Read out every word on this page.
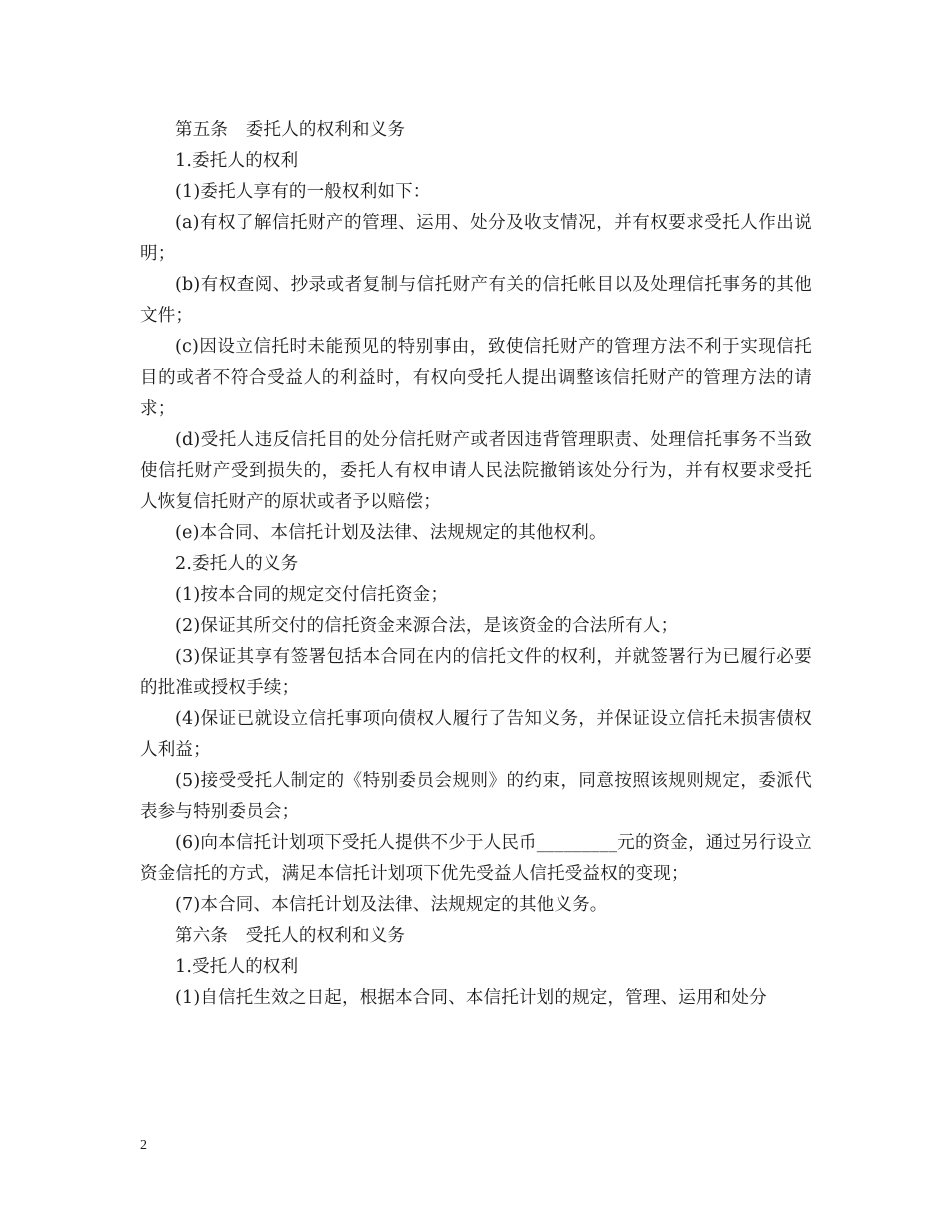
第五条　委托人的权利和义务

1.委托人的权利

(1)委托人享有的一般权利如下：

(a)有权了解信托财产的管理、运用、处分及收支情况，并有权要求受托人作出说明；

(b)有权查阅、抄录或者复制与信托财产有关的信托帐目以及处理信托事务的其他文件；

(c)因设立信托时未能预见的特别事由，致使信托财产的管理方法不利于实现信托目的或者不符合受益人的利益时，有权向受托人提出调整该信托财产的管理方法的请求；

(d)受托人违反信托目的处分信托财产或者因违背管理职责、处理信托事务不当致使信托财产受到损失的，委托人有权申请人民法院撤销该处分行为，并有权要求受托人恢复信托财产的原状或者予以赔偿；

(e)本合同、本信托计划及法律、法规规定的其他权利。

2.委托人的义务

(1)按本合同的规定交付信托资金；

(2)保证其所交付的信托资金来源合法，是该资金的合法所有人；

(3)保证其享有签署包括本合同在内的信托文件的权利，并就签署行为已履行必要的批准或授权手续；

(4)保证已就设立信托事项向债权人履行了告知义务，并保证设立信托未损害债权人利益；

(5)接受受托人制定的《特别委员会规则》的约束，同意按照该规则规定，委派代表参与特别委员会；

(6)向本信托计划项下受托人提供不少于人民币_________元的资金，通过另行设立资金信托的方式，满足本信托计划项下优先受益人信托受益权的变现；

(7)本合同、本信托计划及法律、法规规定的其他义务。

第六条　受托人的权利和义务

1.受托人的权利

(1)自信托生效之日起，根据本合同、本信托计划的规定，管理、运用和处分

2
